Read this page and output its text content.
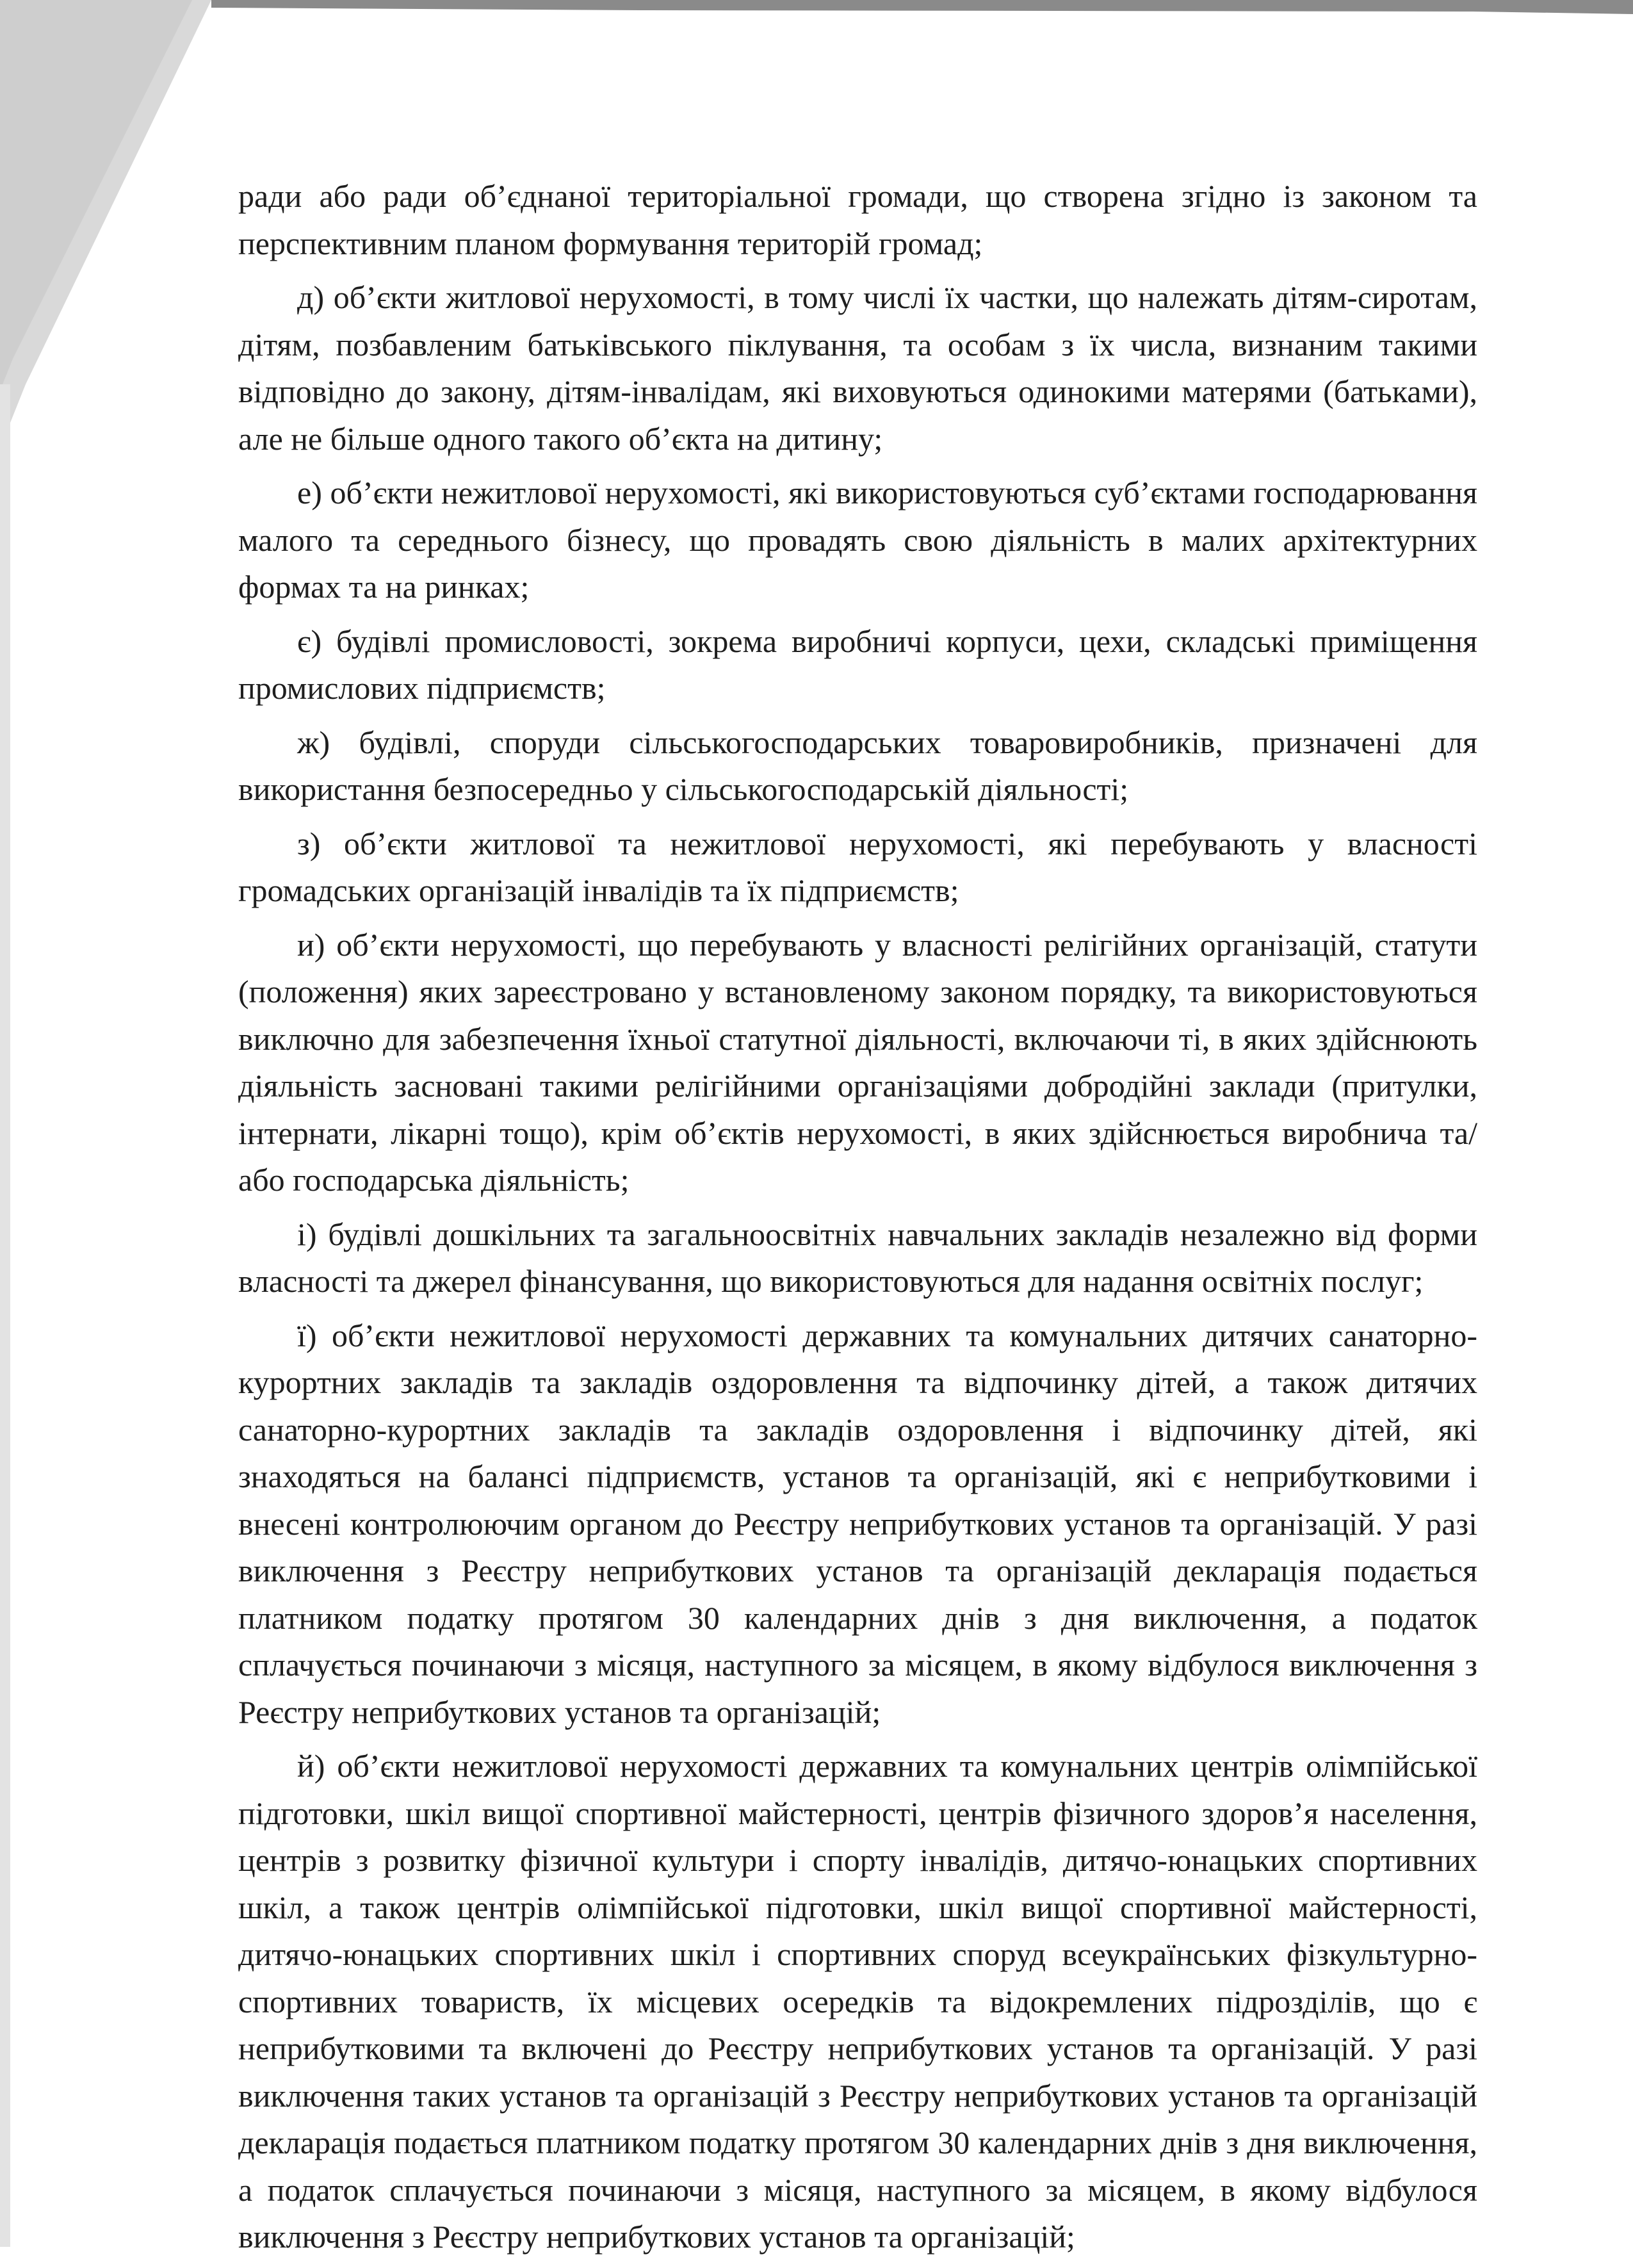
ради або ради об’єднаної територіальної громади, що створена згідно із законом та перспективним планом формування територій громад;

д) об’єкти житлової нерухомості, в тому числі їх частки, що належать дітям-сиротам, дітям, позбавленим батьківського піклування, та особам з їх числа, визнаним такими відповідно до закону, дітям-інвалідам, які виховуються одинокими матерями (батьками), але не більше одного такого об’єкта на дитину;

е) об’єкти нежитлової нерухомості, які використовуються суб’єктами господарювання малого та середнього бізнесу, що провадять свою діяльність в малих архітектурних формах та на ринках;

є) будівлі промисловості, зокрема виробничі корпуси, цехи, складські приміщення промислових підприємств;

ж) будівлі, споруди сільськогосподарських товаровиробників, призначені для використання безпосередньо у сільськогосподарській діяльності;

з) об’єкти житлової та нежитлової нерухомості, які перебувають у власності громадських організацій інвалідів та їх підприємств;

и) об’єкти нерухомості, що перебувають у власності релігійних організацій, статути (положення) яких зареєстровано у встановленому законом порядку, та використовуються виключно для забезпечення їхньої статутної діяльності, включаючи ті, в яких здійснюють діяльність засновані такими релігійними організаціями добродійні заклади (притулки, інтернати, лікарні тощо), крім об’єктів нерухомості, в яких здійснюється виробнича та/або господарська діяльність;

і) будівлі дошкільних та загальноосвітніх навчальних закладів незалежно від форми власності та джерел фінансування, що використовуються для надання освітніх послуг;

ї) об’єкти нежитлової нерухомості державних та комунальних дитячих санаторно-курортних закладів та закладів оздоровлення та відпочинку дітей, а також дитячих санаторно-курортних закладів та закладів оздоровлення і відпочинку дітей, які знаходяться на балансі підприємств, установ та організацій, які є неприбутковими і внесені контролюючим органом до Реєстру неприбуткових установ та організацій. У разі виключення з Реєстру неприбуткових установ та організацій декларація подається платником податку протягом 30 календарних днів з дня виключення, а податок сплачується починаючи з місяця, наступного за місяцем, в якому відбулося виключення з Реєстру неприбуткових установ та організацій;

й) об’єкти нежитлової нерухомості державних та комунальних центрів олімпійської підготовки, шкіл вищої спортивної майстерності, центрів фізичного здоров’я населення, центрів з розвитку фізичної культури і спорту інвалідів, дитячо-юнацьких спортивних шкіл, а також центрів олімпійської підготовки, шкіл вищої спортивної майстерності, дитячо-юнацьких спортивних шкіл і спортивних споруд всеукраїнських фізкультурно-спортивних товариств, їх місцевих осередків та відокремлених підрозділів, що є неприбутковими та включені до Реєстру неприбуткових установ та організацій. У разі виключення таких установ та організацій з Реєстру неприбуткових установ та організацій декларація подається платником податку протягом 30 календарних днів з дня виключення, а податок сплачується починаючи з місяця, наступного за місяцем, в якому відбулося виключення з Реєстру неприбуткових установ та організацій;
